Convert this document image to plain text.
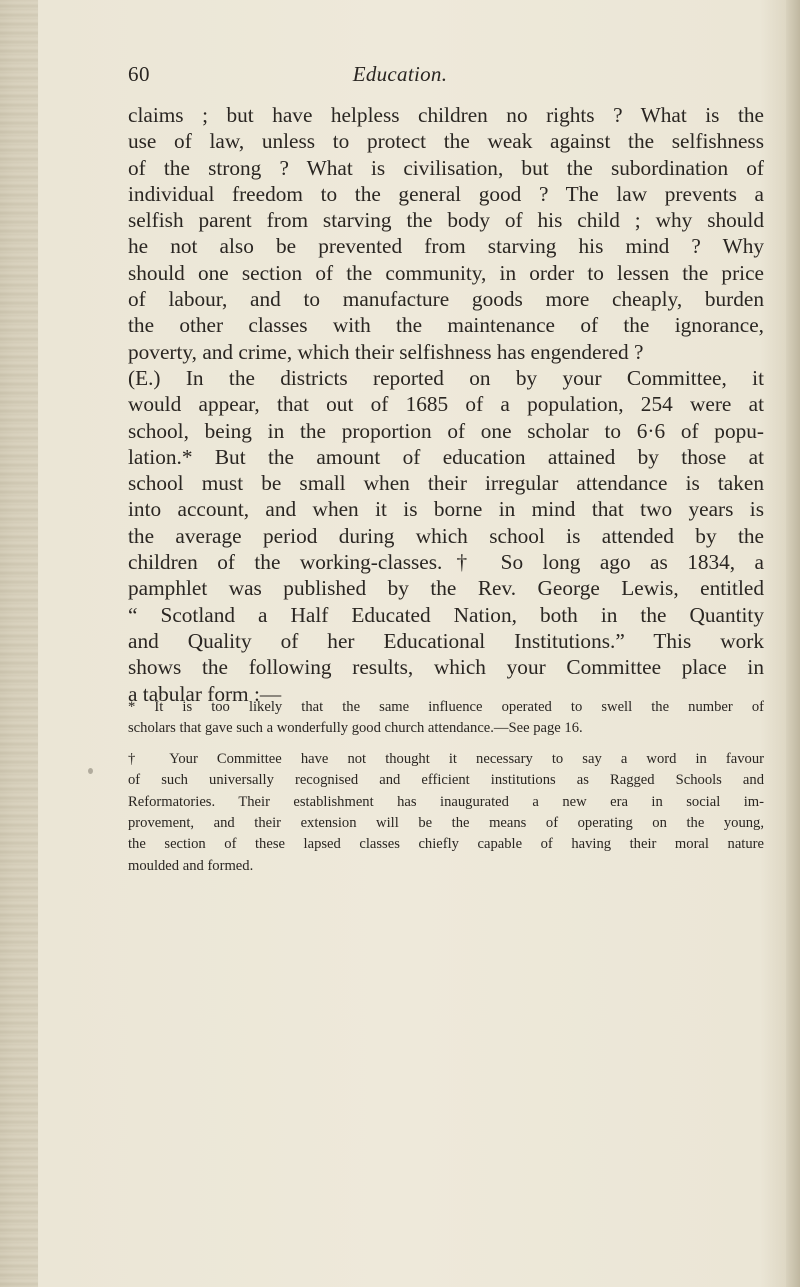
60	Education.
claims ; but have helpless children no rights ? What is the
use of law, unless to protect the weak against the selfishness
of the strong ? What is civilisation, but the subordination of
individual freedom to the general good ? The law prevents a
selfish parent from starving the body of his child ; why should
he not also be prevented from starving his mind ? Why
should one section of the community, in order to lessen the price
of labour, and to manufacture goods more cheaply, burden
the other classes with the maintenance of the ignorance,
poverty, and crime, which their selfishness has engendered ?
(E.) In the districts reported on by your Committee, it
would appear, that out of 1685 of a population, 254 were at
school, being in the proportion of one scholar to 6·6 of popu-
lation.* But the amount of education attained by those at
school must be small when their irregular attendance is taken
into account, and when it is borne in mind that two years is
the average period during which school is attended by the
children of the working-classes.† So long ago as 1834, a
pamphlet was published by the Rev. George Lewis, entitled
“ Scotland a Half Educated Nation, both in the Quantity
and Quality of her Educational Institutions.” This work
shows the following results, which your Committee place in
a tabular form :—
* It is too likely that the same influence operated to swell the number of
scholars that gave such a wonderfully good church attendance.—See page 16.
† Your Committee have not thought it necessary to say a word in favour
of such universally recognised and efficient institutions as Ragged Schools and
Reformatories. Their establishment has inaugurated a new era in social im-
provement, and their extension will be the means of operating on the young,
the section of these lapsed classes chiefly capable of having their moral nature
moulded and formed.
